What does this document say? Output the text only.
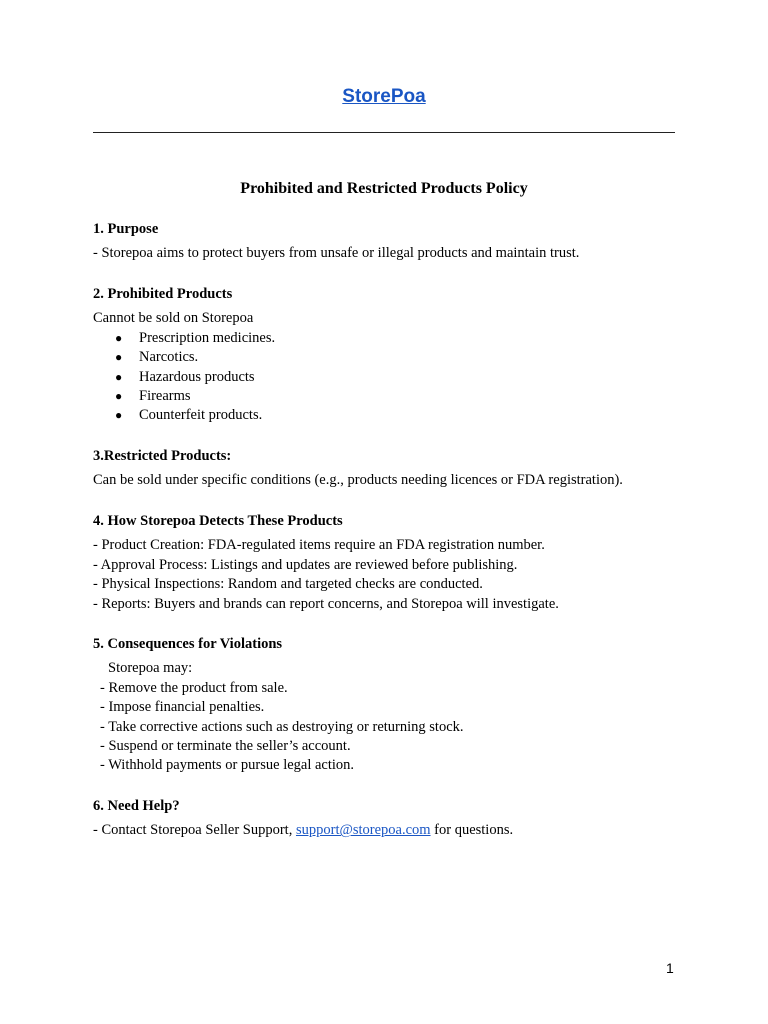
StorePoa
Prohibited and Restricted Products Policy
1. Purpose
- Storepoa aims to protect buyers from unsafe or illegal products and maintain trust.
2. Prohibited Products
Cannot be sold on Storepoa
● Prescription medicines.
● Narcotics.
● Hazardous products
● Firearms
● Counterfeit products.
3.Restricted Products:
Can be sold under specific conditions (e.g., products needing licences or FDA registration).
4. How Storepoa Detects These Products
- Product Creation: FDA-regulated items require an FDA registration number.
- Approval Process: Listings and updates are reviewed before publishing.
- Physical Inspections: Random and targeted checks are conducted.
- Reports: Buyers and brands can report concerns, and Storepoa will investigate.
5. Consequences for Violations
Storepoa may:
- Remove the product from sale.
- Impose financial penalties.
- Take corrective actions such as destroying or returning stock.
- Suspend or terminate the seller’s account.
- Withhold payments or pursue legal action.
6. Need Help?
- Contact Storepoa Seller Support, support@storepoa.com for questions.
1
